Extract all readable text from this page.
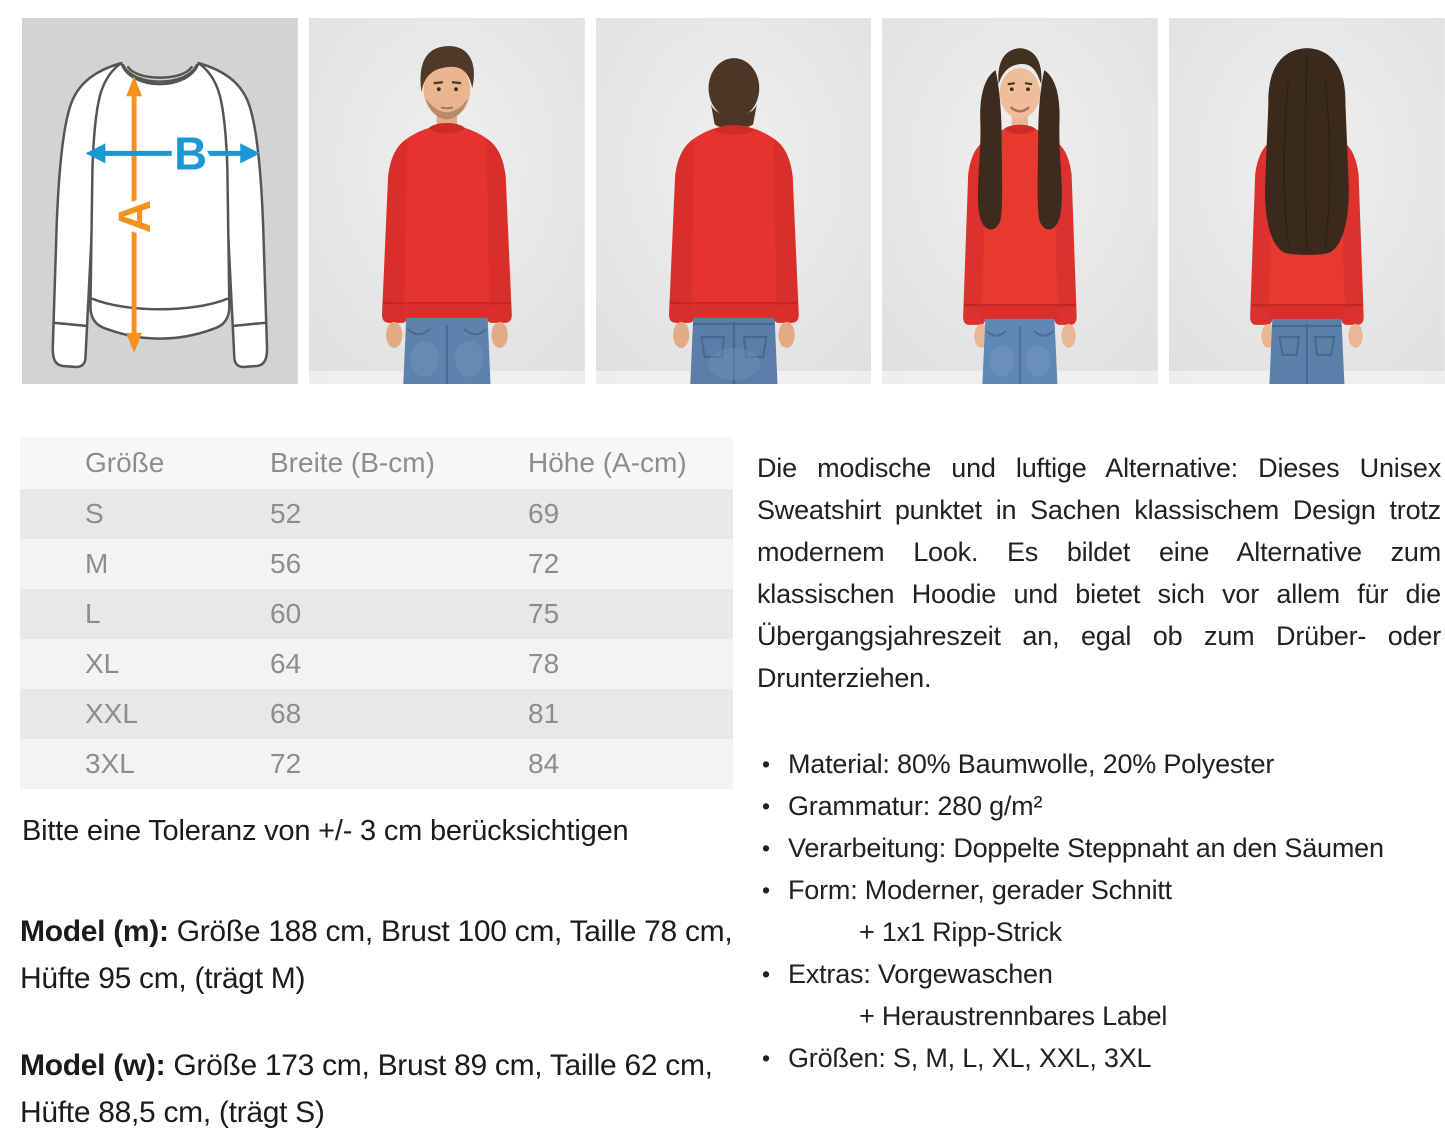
A
B
Größe	Breite (B-cm)	Höhe (A-cm)
S	52	69
M	56	72
L	60	75
XL	64	78
XXL	68	81
3XL	72	84

Bitte eine Toleranz von +/- 3 cm berücksichtigen

Model (m): Größe 188 cm, Brust 100 cm, Taille 78 cm, Hüfte 95 cm, (trägt M)

Model (w): Größe 173 cm, Brust 89 cm, Taille 62 cm, Hüfte 88,5 cm, (trägt S)

Die modische und luftige Alternative: Dieses Unisex Sweatshirt punktet in Sachen klassischem Design trotz modernem Look. Es bildet eine Alternative zum klassischen Hoodie und bietet sich vor allem für die Übergangsjahreszeit an, egal ob zum Drüber- oder Drunterziehen.

• Material: 80% Baumwolle, 20% Polyester
• Grammatur: 280 g/m²
• Verarbeitung: Doppelte Steppnaht an den Säumen
• Form: Moderner, gerader Schnitt
+ 1x1 Ripp-Strick
• Extras: Vorgewaschen
+ Heraustrennbares Label
• Größen: S, M, L, XL, XXL, 3XL
